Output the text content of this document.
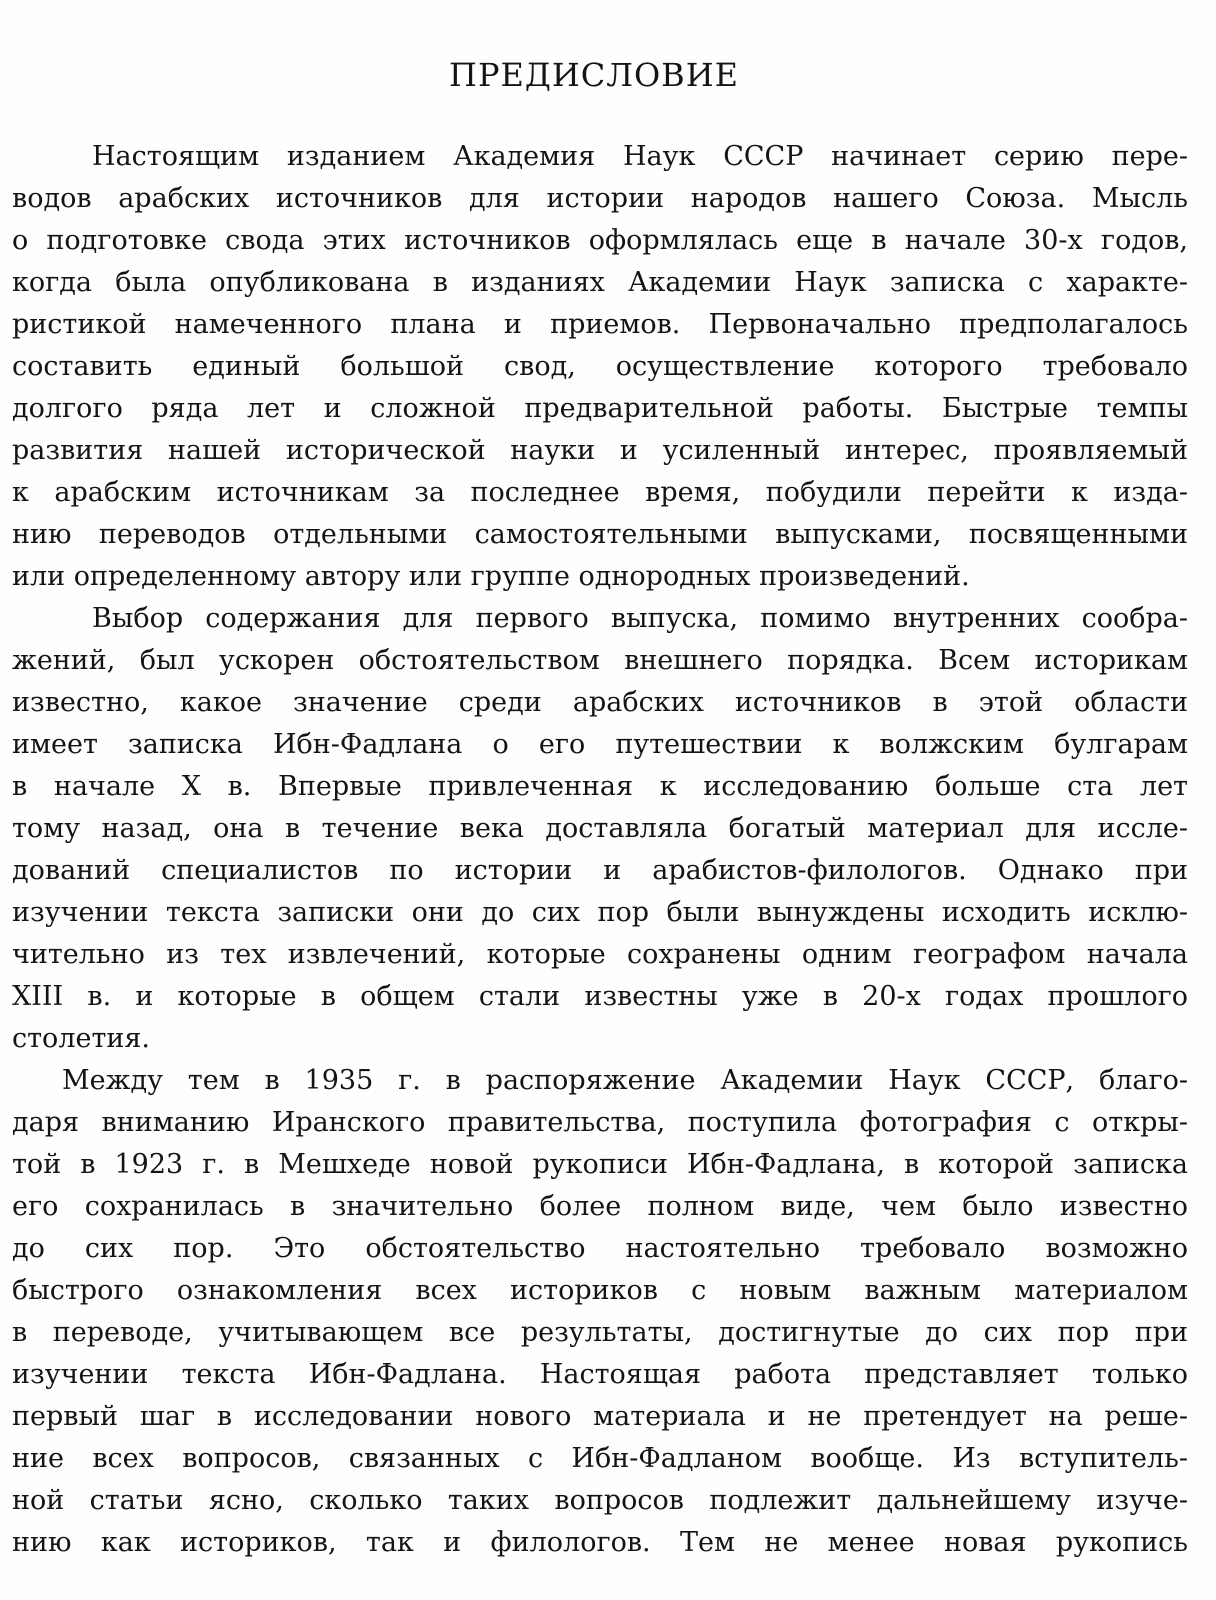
ПРЕДИСЛОВИЕ
Настоящим изданием Академия Наук СССР начинает серию пере-
водов арабских источников для истории народов нашего Союза. Мысль
о подготовке свода этих источников оформлялась еще в начале 30-х годов,
когда была опубликована в изданиях Академии Наук записка с характе-
ристикой намеченного плана и приемов. Первоначально предполагалось
составить единый большой свод, осуществление которого требовало
долгого ряда лет и сложной предварительной работы. Быстрые темпы
развития нашей исторической науки и усиленный интерес, проявляемый
к арабским источникам за последнее время, побудили перейти к изда-
нию переводов отдельными самостоятельными выпусками, посвященными
или определенному автору или группе однородных произведений.
Выбор содержания для первого выпуска, помимо внутренних сообра-
жений, был ускорен обстоятельством внешнего порядка. Всем историкам
известно, какое значение среди арабских источников в этой области
имеет записка Ибн-Фадлана о его путешествии к волжским булгарам
в начале X в. Впервые привлеченная к исследованию больше ста лет
тому назад, она в течение века доставляла богатый материал для иссле-
дований специалистов по истории и арабистов-филологов. Однако при
изучении текста записки они до сих пор были вынуждены исходить исклю-
чительно из тех извлечений, которые сохранены одним географом начала
XIII в. и которые в общем стали известны уже в 20-х годах прошлого
столетия.
Между тем в 1935 г. в распоряжение Академии Наук СССР, благо-
даря вниманию Иранского правительства, поступила фотография с откры-
той в 1923 г. в Мешхеде новой рукописи Ибн-Фадлана, в которой записка
его сохранилась в значительно более полном виде, чем было известно
до сих пор. Это обстоятельство настоятельно требовало возможно
быстрого ознакомления всех историков с новым важным материалом
в переводе, учитывающем все результаты, достигнутые до сих пор при
изучении текста Ибн-Фадлана. Настоящая работа представляет только
первый шаг в исследовании нового материала и не претендует на реше-
ние всех вопросов, связанных с Ибн-Фадланом вообще. Из вступитель-
ной статьи ясно, сколько таких вопросов подлежит дальнейшему изуче-
нию как историков, так и филологов. Тем не менее новая рукопись
